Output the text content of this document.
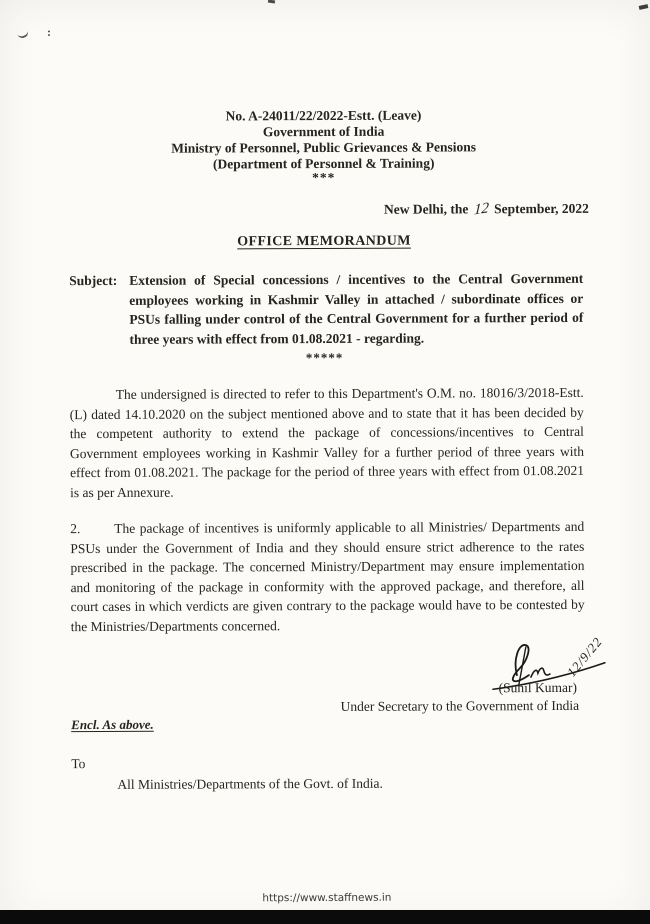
:
No. A-24011/22/2022-Estt. (Leave)
Government of India
Ministry of Personnel, Public Grievances & Pensions
(Department of Personnel & Training)
***
New Delhi, the 12 September, 2022
OFFICE MEMORANDUM
Subject: Extension of Special concessions / incentives to the Central Government employees working in Kashmir Valley in attached / subordinate offices or PSUs falling under control of the Central Government for a further period of three years with effect from 01.08.2021 - regarding.
*****

The undersigned is directed to refer to this Department's O.M. no. 18016/3/2018-Estt.(L) dated 14.10.2020 on the subject mentioned above and to state that it has been decided by the competent authority to extend the package of concessions/incentives to Central Government employees working in Kashmir Valley for a further period of three years with effect from 01.08.2021. The package for the period of three years with effect from 01.08.2021 is as per Annexure.

2.	The package of incentives is uniformly applicable to all Ministries/ Departments and PSUs under the Government of India and they should ensure strict adherence to the rates prescribed in the package. The concerned Ministry/Department may ensure implementation and monitoring of the package in conformity with the approved package, and therefore, all court cases in which verdicts are given contrary to the package would have to be contested by the Ministries/Departments concerned.

12/9/22
(Sunil Kumar)
Under Secretary to the Government of India
Encl. As above.
To
All Ministries/Departments of the Govt. of India.
https://www.staffnews.in
